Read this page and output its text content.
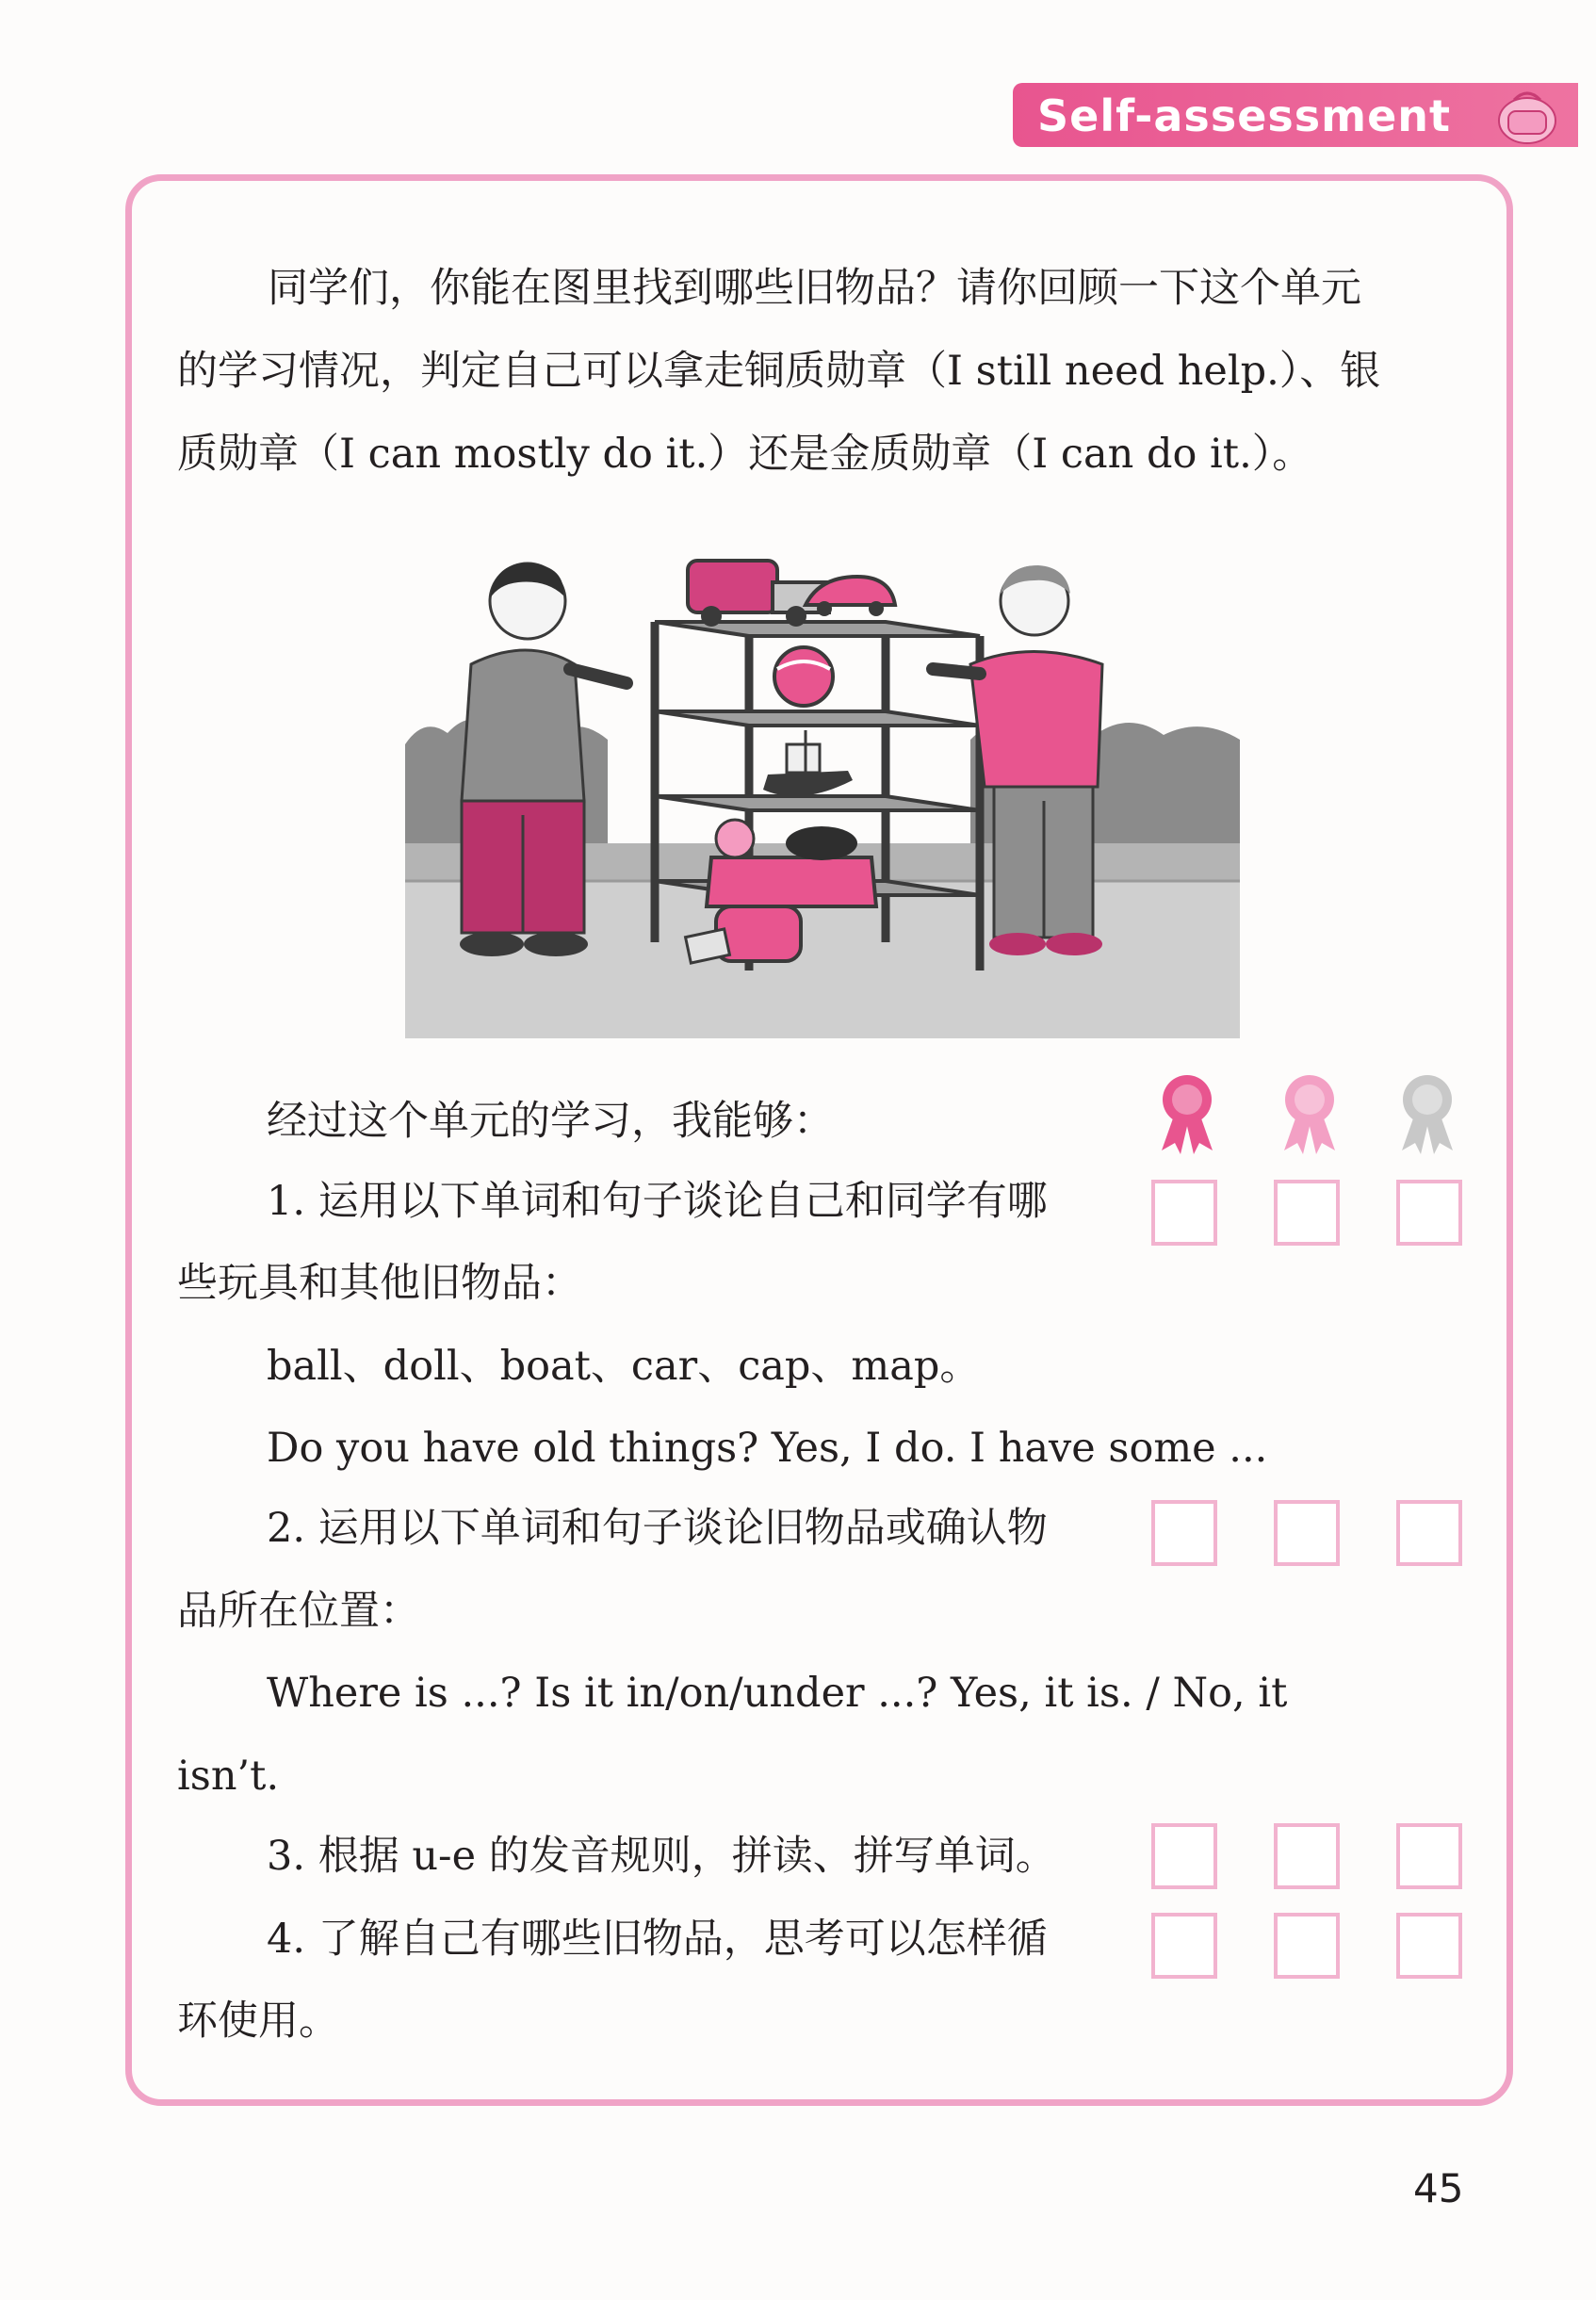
Self-assessment

同学们，你能在图里找到哪些旧物品？请你回顾一下这个单元
的学习情况，判定自己可以拿走铜质勋章（I still need help.）、银
质勋章（I can mostly do it.）还是金质勋章（I can do it.）。

经过这个单元的学习，我能够：
1. 运用以下单词和句子谈论自己和同学有哪
些玩具和其他旧物品：
ball、doll、boat、car、cap、map。
Do you have old things? Yes, I do. I have some ...
2. 运用以下单词和句子谈论旧物品或确认物
品所在位置：
Where is ...? Is it in/on/under ...? Yes, it is. / No, it
isn’t.
3. 根据 u-e 的发音规则，拼读、拼写单词。
4. 了解自己有哪些旧物品，思考可以怎样循
环使用。
45
